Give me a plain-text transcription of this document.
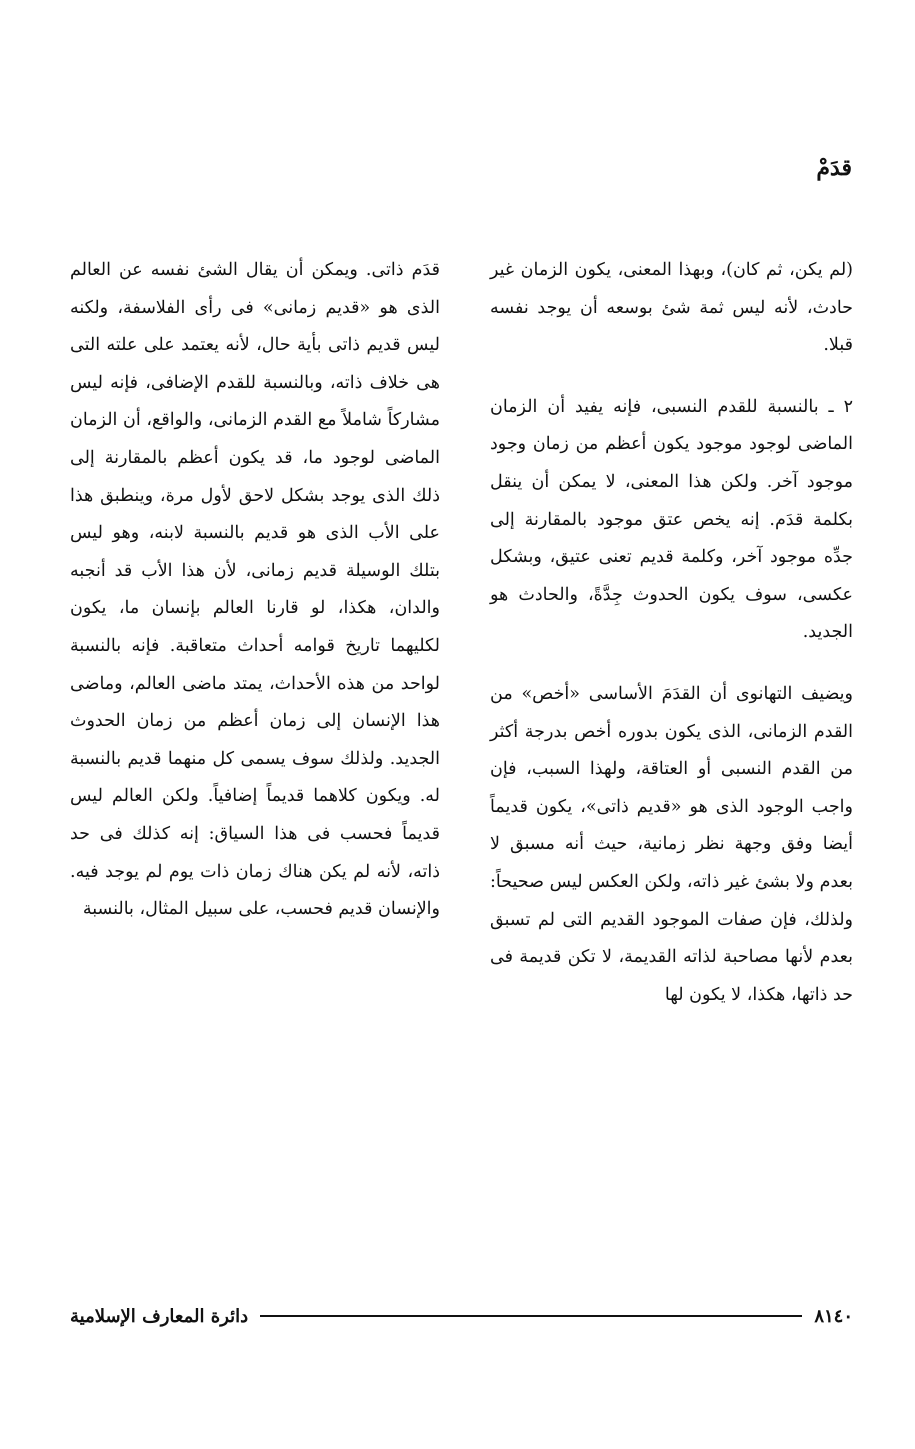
قدَمْ

(لم يكن، ثم كان)، وبهذا المعنى، يكون الزمان غير حادث، لأنه ليس ثمة شئ بوسعه أن يوجد نفسه قبلا.

٢ ـ بالنسبة للقدم النسبى، فإنه يفيد أن الزمان الماضى لوجود موجود يكون أعظم من زمان وجود موجود آخر. ولكن هذا المعنى، لا يمكن أن ينقل بكلمة قدَم. إنه يخص عتق موجود بالمقارنة إلى جدِّه موجود آخر، وكلمة قديم تعنى عتيق، وبشكل عكسى، سوف يكون الحدوث جِدَّةً، والحادث هو الجديد.

ويضيف التهانوى أن القدَمَ الأساسى «أخص» من القدم الزمانى، الذى يكون بدوره أخص بدرجة أكثر من القدم النسبى أو العتاقة، ولهذا السبب، فإن واجب الوجود الذى هو «قديم ذاتى»، يكون قديماً أيضا وفق وجهة نظر زمانية، حيث أنه مسبق لا بعدم ولا بشئ غير ذاته، ولكن العكس ليس صحيحاً: ولذلك، فإن صفات الموجود القديم التى لم تسبق بعدم لأنها مصاحبة لذاته القديمة، لا تكن قديمة فى حد ذاتها، هكذا، لا يكون لها

قدَم ذاتى. ويمكن أن يقال الشئ نفسه عن العالم الذى هو «قديم زمانى» فى رأى الفلاسفة، ولكنه ليس قديم ذاتى بأية حال، لأنه يعتمد على علته التى هى خلاف ذاته، وبالنسبة للقدم الإضافى، فإنه ليس مشاركاً شاملاً مع القدم الزمانى، والواقع، أن الزمان الماضى لوجود ما، قد يكون أعظم بالمقارنة إلى ذلك الذى يوجد بشكل لاحق لأول مرة، وينطبق هذا على الأب الذى هو قديم بالنسبة لابنه، وهو ليس بتلك الوسيلة قديم زمانى، لأن هذا الأب قد أنجبه والدان، هكذا، لو قارنا العالم بإنسان ما، يكون لكليهما تاريخ قوامه أحداث متعاقبة. فإنه بالنسبة لواحد من هذه الأحداث، يمتد ماضى العالم، وماضى هذا الإنسان إلى زمان أعظم من زمان الحدوث الجديد. ولذلك سوف يسمى كل منهما قديم بالنسبة له. ويكون كلاهما قديماً إضافياً. ولكن العالم ليس قديماً فحسب فى هذا السياق: إنه كذلك فى حد ذاته، لأنه لم يكن هناك زمان ذات يوم لم يوجد فيه. والإنسان قديم فحسب، على سبيل المثال، بالنسبة

٨١٤٠
دائرة المعارف الإسلامية
